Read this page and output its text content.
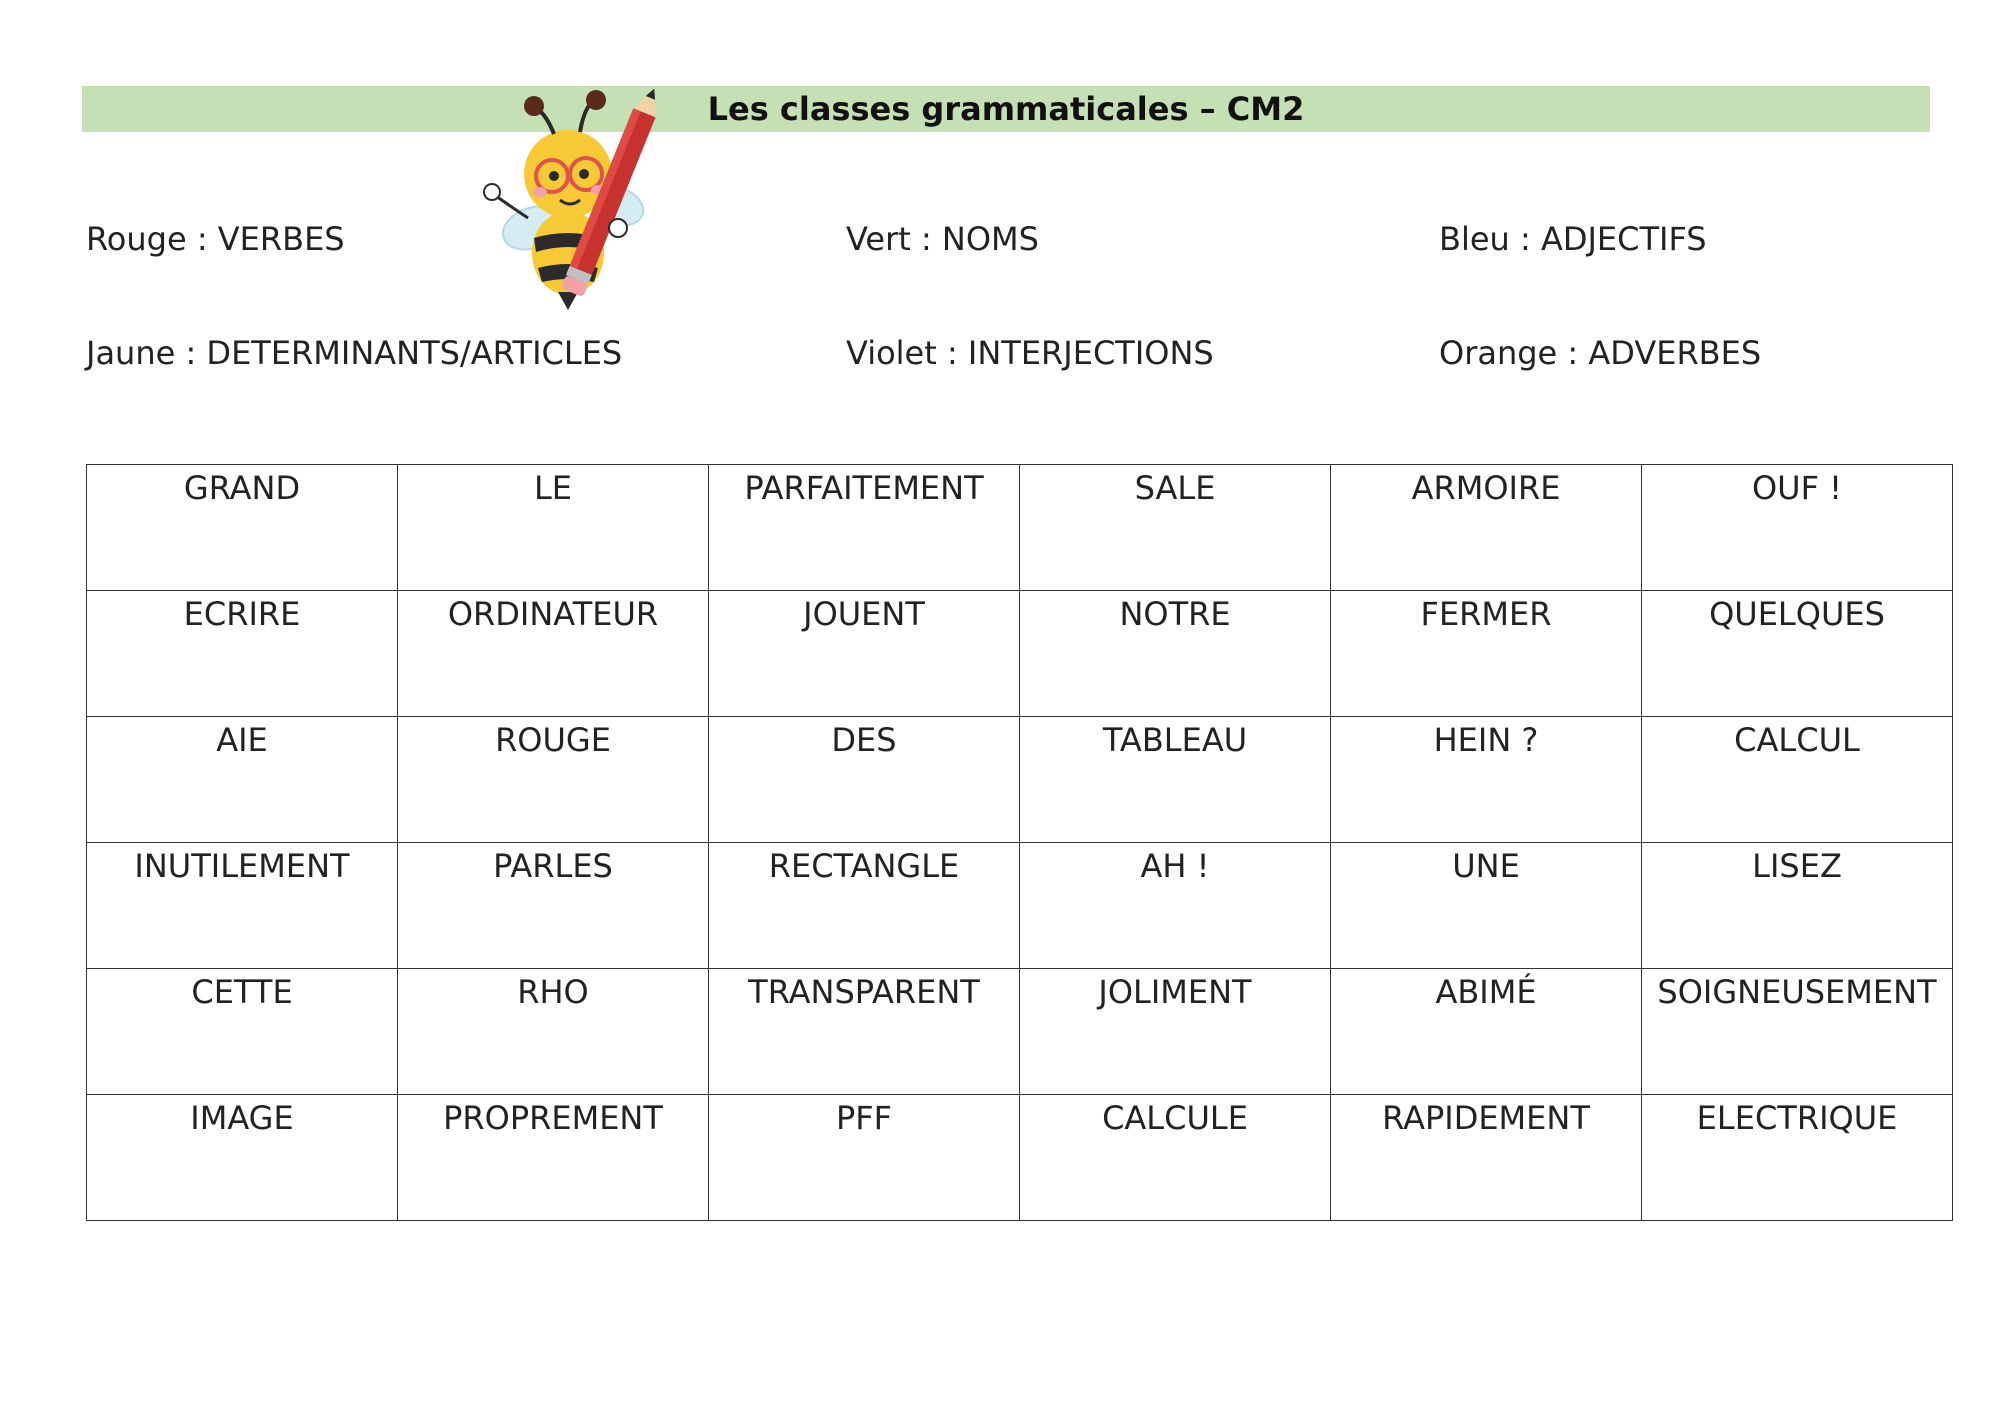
Les classes grammaticales – CM2
Rouge : VERBES	Vert : NOMS	Bleu : ADJECTIFS
Jaune : DETERMINANTS/ARTICLES	Violet : INTERJECTIONS	Orange : ADVERBES
GRAND	LE	PARFAITEMENT	SALE	ARMOIRE	OUF !
ECRIRE	ORDINATEUR	JOUENT	NOTRE	FERMER	QUELQUES
AIE	ROUGE	DES	TABLEAU	HEIN ?	CALCUL
INUTILEMENT	PARLES	RECTANGLE	AH !	UNE	LISEZ
CETTE	RHO	TRANSPARENT	JOLIMENT	ABIMÉ	SOIGNEUSEMENT
IMAGE	PROPREMENT	PFF	CALCULE	RAPIDEMENT	ELECTRIQUE
